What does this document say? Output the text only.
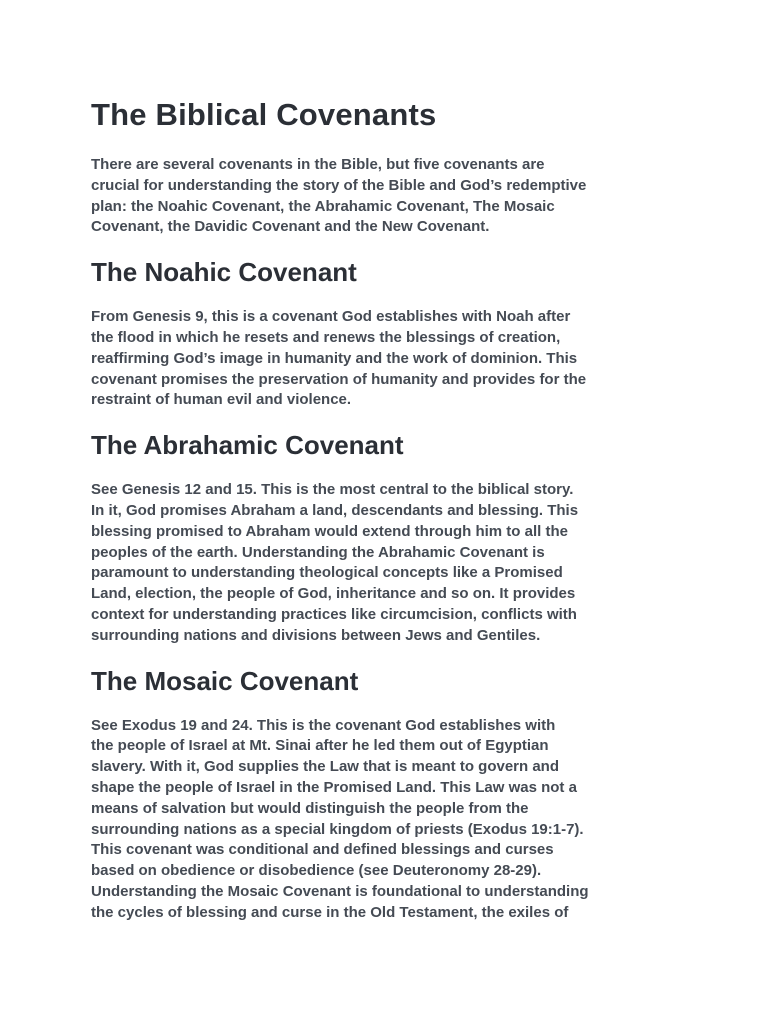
The Biblical Covenants

There are several covenants in the Bible, but five covenants are
crucial for understanding the story of the Bible and God’s redemptive
plan: the Noahic Covenant, the Abrahamic Covenant, The Mosaic
Covenant, the Davidic Covenant and the New Covenant.

The Noahic Covenant

From Genesis 9, this is a covenant God establishes with Noah after
the flood in which he resets and renews the blessings of creation,
reaffirming God’s image in humanity and the work of dominion. This
covenant promises the preservation of humanity and provides for the
restraint of human evil and violence.

The Abrahamic Covenant

See Genesis 12 and 15. This is the most central to the biblical story.
In it, God promises Abraham a land, descendants and blessing. This
blessing promised to Abraham would extend through him to all the
peoples of the earth. Understanding the Abrahamic Covenant is
paramount to understanding theological concepts like a Promised
Land, election, the people of God, inheritance and so on. It provides
context for understanding practices like circumcision, conflicts with
surrounding nations and divisions between Jews and Gentiles.

The Mosaic Covenant

See Exodus 19 and 24. This is the covenant God establishes with
the people of Israel at Mt. Sinai after he led them out of Egyptian
slavery. With it, God supplies the Law that is meant to govern and
shape the people of Israel in the Promised Land. This Law was not a
means of salvation but would distinguish the people from the
surrounding nations as a special kingdom of priests (Exodus 19:1-7).
This covenant was conditional and defined blessings and curses
based on obedience or disobedience (see Deuteronomy 28-29).
Understanding the Mosaic Covenant is foundational to understanding
the cycles of blessing and curse in the Old Testament, the exiles of
